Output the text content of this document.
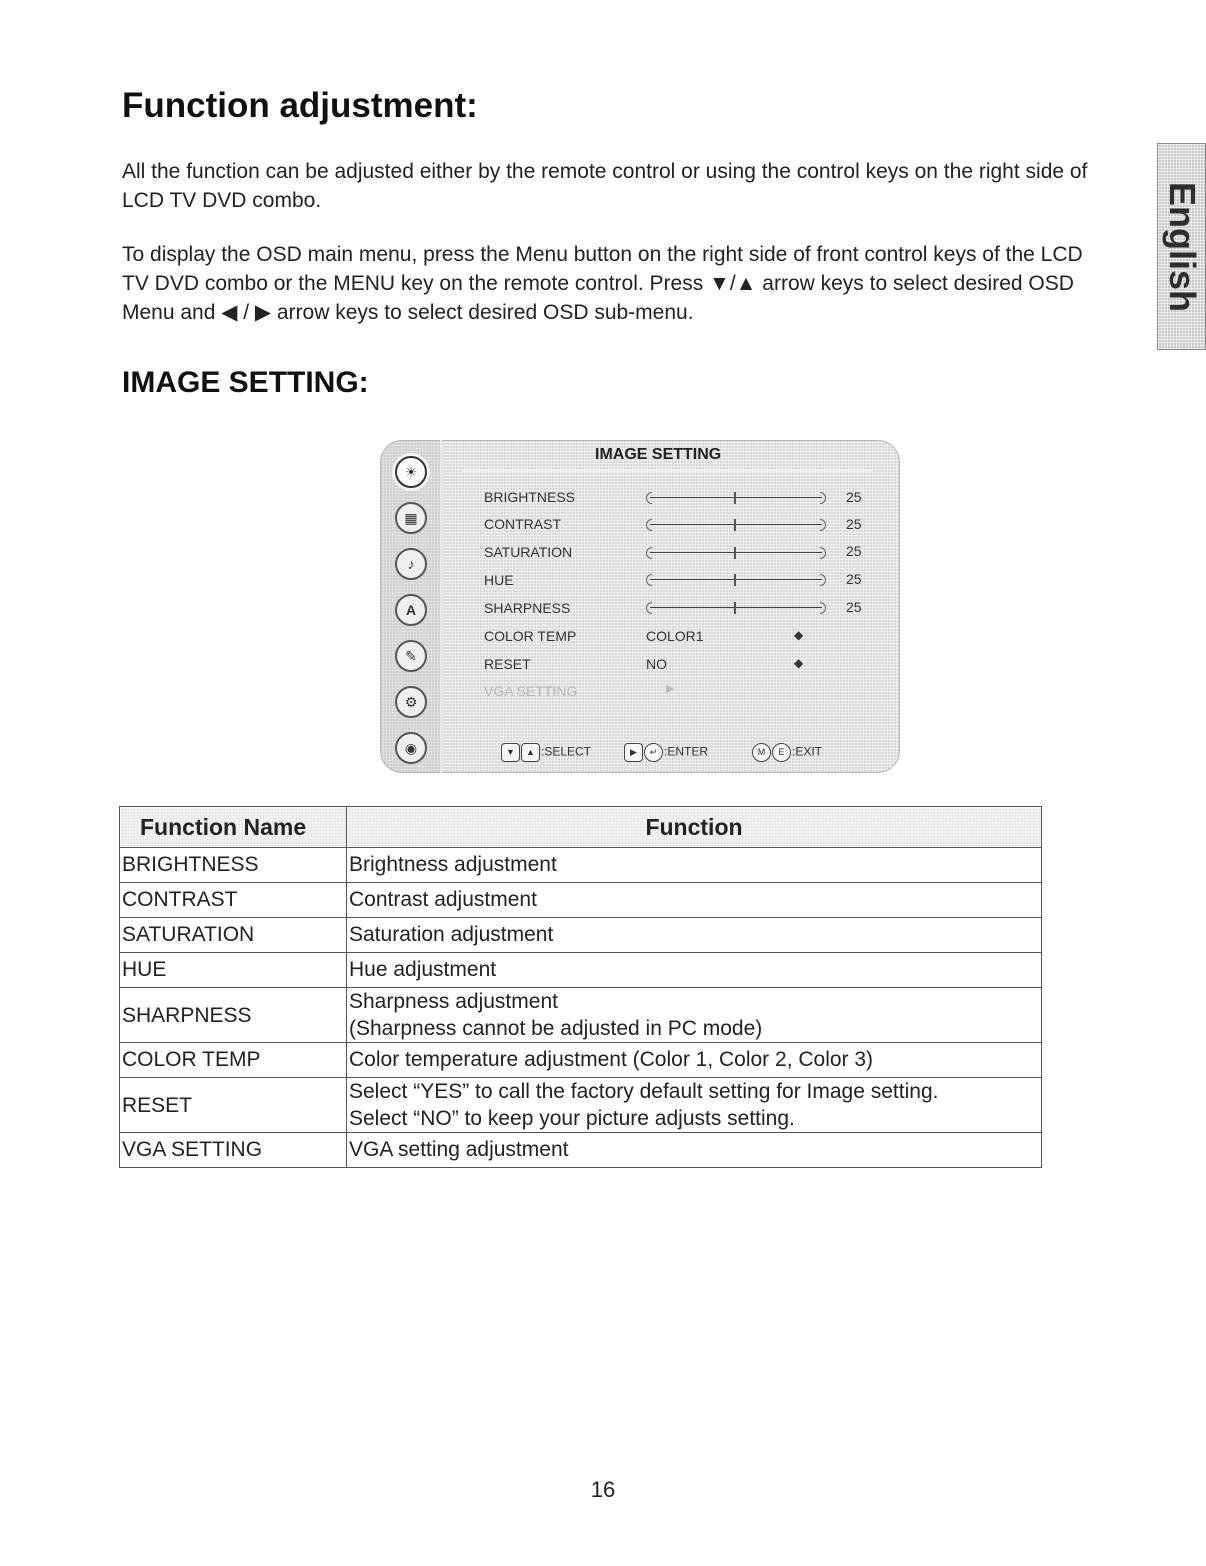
Function adjustment:

All the function can be adjusted either by the remote control or using the control keys on the right side of LCD TV DVD combo.

To display the OSD main menu, press the Menu button on the right side of front control keys of the LCD TV DVD combo or the MENU key on the remote control. Press ▼/▲ arrow keys to select desired OSD Menu and ◀ / ▶ arrow keys to select desired OSD sub-menu.

English
IMAGE SETTING:
☀
▦
♪
A
✎
⚙
◉
IMAGE SETTING
BRIGHTNESS	25
CONTRAST	25
SATURATION	25
HUE	25
SHARPNESS	25
COLOR TEMP	COLOR1	◆
RESET	NO	◆
VGA SETTING	▶
▼ ▲ :SELECT	▶ ↵ :ENTER	M E :EXIT
Function Name	Function
BRIGHTNESS	Brightness adjustment
CONTRAST	Contrast adjustment
SATURATION	Saturation adjustment
HUE	Hue adjustment
SHARPNESS	Sharpness adjustment
(Sharpness cannot be adjusted in PC mode)

COLOR TEMP	Color temperature adjustment (Color 1, Color 2, Color 3)
RESET	Select “YES” to call the factory default setting for Image setting.
Select “NO” to keep your picture adjusts setting.

VGA SETTING	VGA setting adjustment
16
